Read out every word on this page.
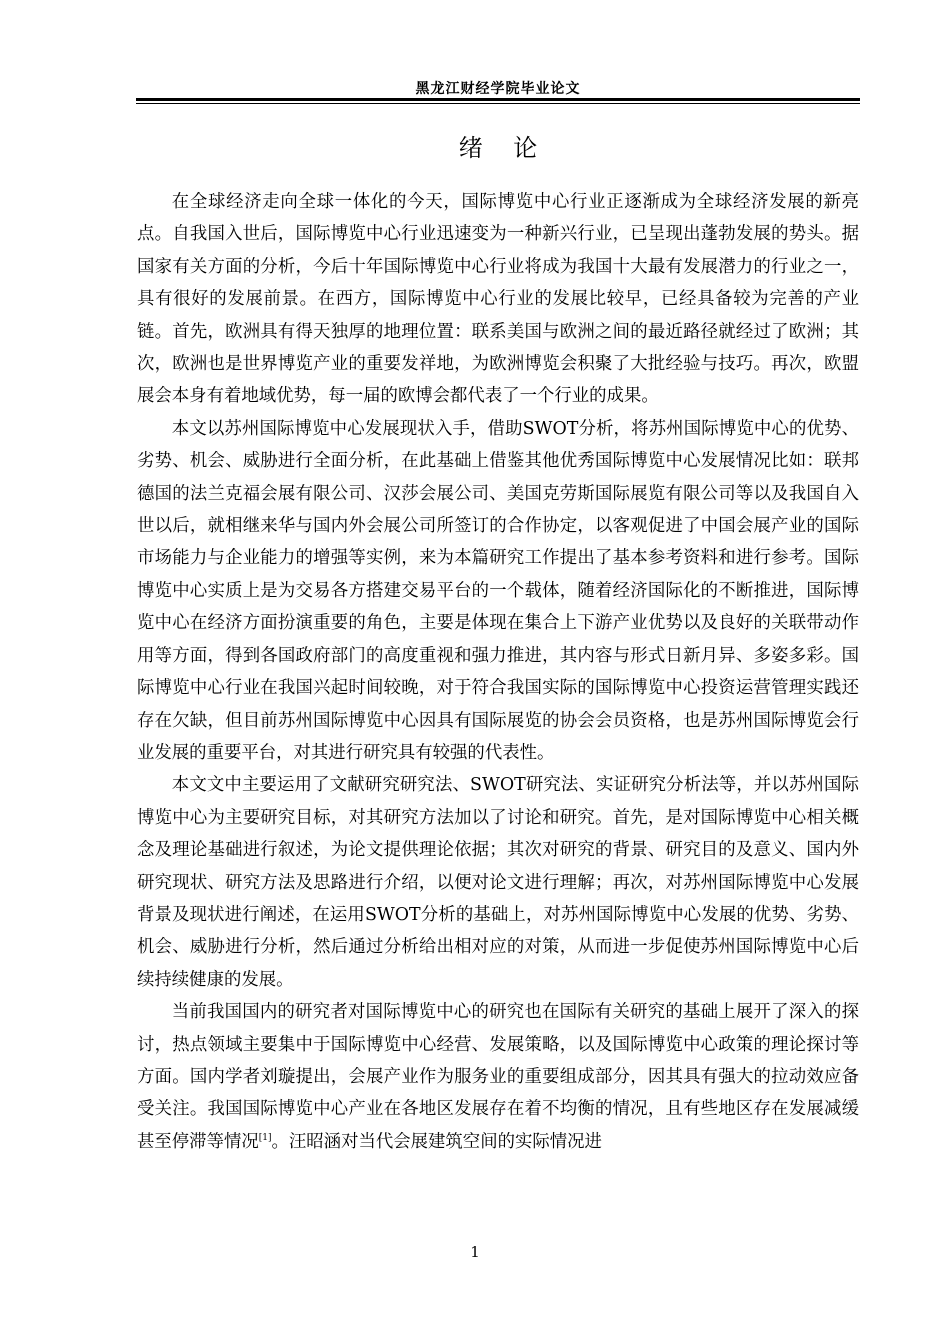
黑龙江财经学院毕业论文
绪    论

在全球经济走向全球一体化的今天，国际博览中心行业正逐渐成为全球经济发展的新亮点。自我国入世后，国际博览中心行业迅速变为一种新兴行业，已呈现出蓬勃发展的势头。据国家有关方面的分析，今后十年国际博览中心行业将成为我国十大最有发展潜力的行业之一，具有很好的发展前景。在西方，国际博览中心行业的发展比较早，已经具备较为完善的产业链。首先，欧洲具有得天独厚的地理位置：联系美国与欧洲之间的最近路径就经过了欧洲；其次，欧洲也是世界博览产业的重要发祥地，为欧洲博览会积聚了大批经验与技巧。再次，欧盟展会本身有着地域优势，每一届的欧博会都代表了一个行业的成果。

本文以苏州国际博览中心发展现状入手，借助SWOT分析，将苏州国际博览中心的优势、劣势、机会、威胁进行全面分析，在此基础上借鉴其他优秀国际博览中心发展情况比如：联邦德国的法兰克福会展有限公司、汉莎会展公司、美国克劳斯国际展览有限公司等以及我国自入世以后，就相继来华与国内外会展公司所签订的合作协定，以客观促进了中国会展产业的国际市场能力与企业能力的增强等实例，来为本篇研究工作提出了基本参考资料和进行参考。国际博览中心实质上是为交易各方搭建交易平台的一个载体，随着经济国际化的不断推进，国际博览中心在经济方面扮演重要的角色，主要是体现在集合上下游产业优势以及良好的关联带动作用等方面，得到各国政府部门的高度重视和强力推进，其内容与形式日新月异、多姿多彩。国际博览中心行业在我国兴起时间较晚，对于符合我国实际的国际博览中心投资运营管理实践还存在欠缺，但目前苏州国际博览中心因具有国际展览的协会会员资格，也是苏州国际博览会行业发展的重要平台，对其进行研究具有较强的代表性。

本文文中主要运用了文献研究研究法、SWOT研究法、实证研究分析法等，并以苏州国际博览中心为主要研究目标，对其研究方法加以了讨论和研究。首先，是对国际博览中心相关概念及理论基础进行叙述，为论文提供理论依据；其次对研究的背景、研究目的及意义、国内外研究现状、研究方法及思路进行介绍，以便对论文进行理解；再次，对苏州国际博览中心发展背景及现状进行阐述，在运用SWOT分析的基础上，对苏州国际博览中心发展的优势、劣势、机会、威胁进行分析，然后通过分析给出相对应的对策，从而进一步促使苏州国际博览中心后续持续健康的发展。

当前我国国内的研究者对国际博览中心的研究也在国际有关研究的基础上展开了深入的探讨，热点领域主要集中于国际博览中心经营、发展策略，以及国际博览中心政策的理论探讨等方面。国内学者刘璇提出，会展产业作为服务业的重要组成部分，因其具有强大的拉动效应备受关注。我国国际博览中心产业在各地区发展存在着不均衡的情况，且有些地区存在发展减缓甚至停滞等情况[1]。汪昭涵对当代会展建筑空间的实际情况进

1
